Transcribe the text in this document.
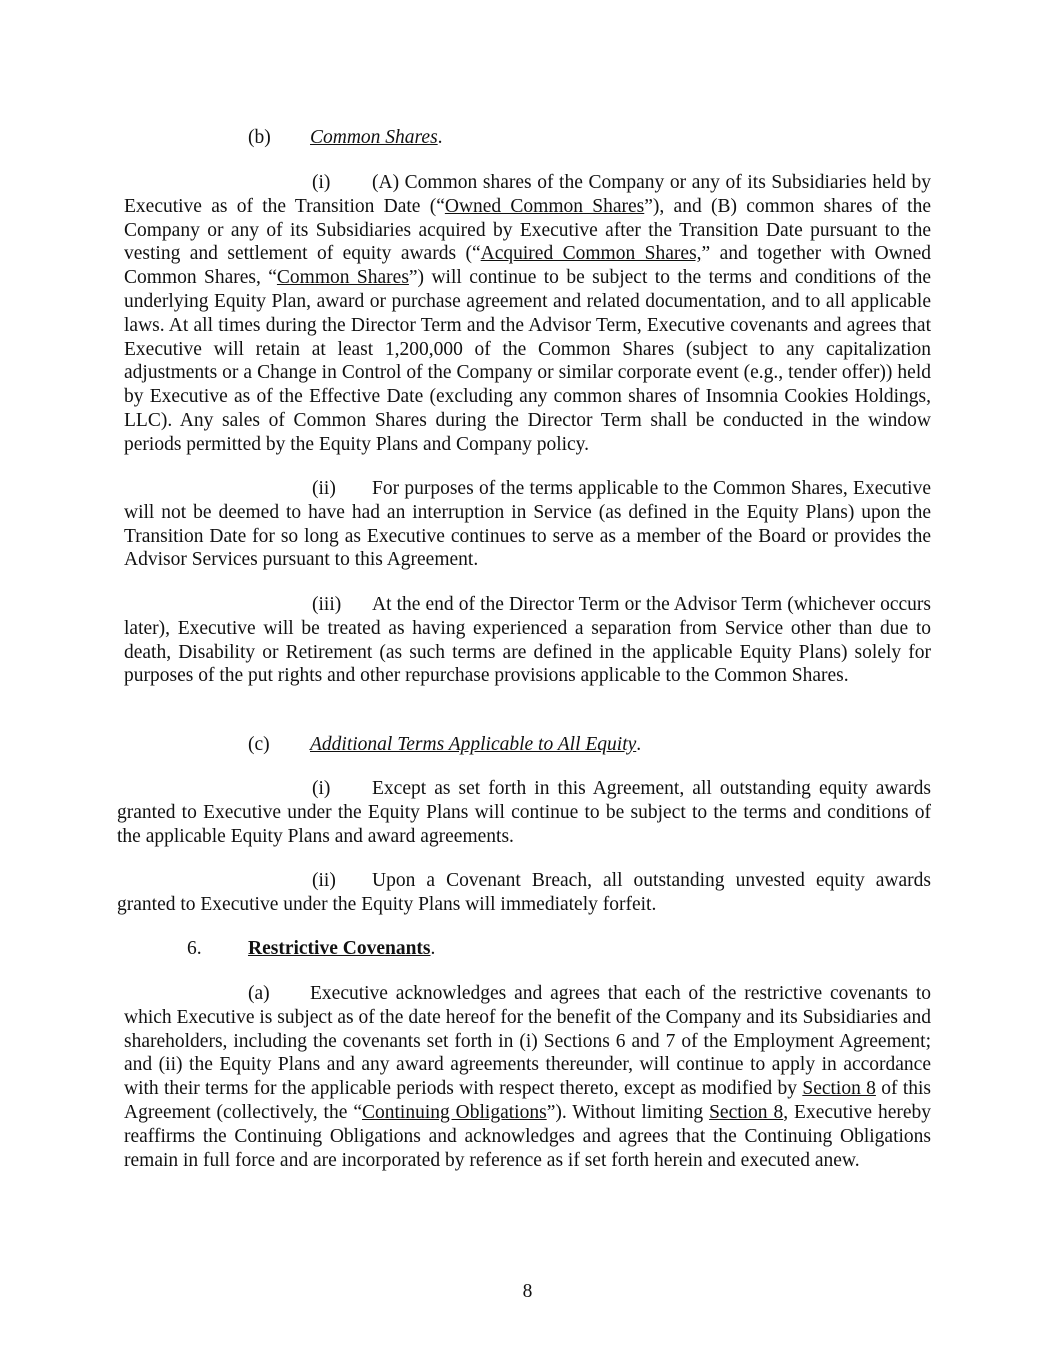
(b) Common Shares.
(i) (A) Common shares of the Company or any of its Subsidiaries held by Executive as of the Transition Date (“Owned Common Shares”), and (B) common shares of the Company or any of its Subsidiaries acquired by Executive after the Transition Date pursuant to the vesting and settlement of equity awards (“Acquired Common Shares,” and together with Owned Common Shares, “Common Shares”) will continue to be subject to the terms and conditions of the underlying Equity Plan, award or purchase agreement and related documentation, and to all applicable laws. At all times during the Director Term and the Advisor Term, Executive covenants and agrees that Executive will retain at least 1,200,000 of the Common Shares (subject to any capitalization adjustments or a Change in Control of the Company or similar corporate event (e.g., tender offer)) held by Executive as of the Effective Date (excluding any common shares of Insomnia Cookies Holdings, LLC). Any sales of Common Shares during the Director Term shall be conducted in the window periods permitted by the Equity Plans and Company policy.
(ii) For purposes of the terms applicable to the Common Shares, Executive will not be deemed to have had an interruption in Service (as defined in the Equity Plans) upon the Transition Date for so long as Executive continues to serve as a member of the Board or provides the Advisor Services pursuant to this Agreement.
(iii) At the end of the Director Term or the Advisor Term (whichever occurs later), Executive will be treated as having experienced a separation from Service other than due to death, Disability or Retirement (as such terms are defined in the applicable Equity Plans) solely for purposes of the put rights and other repurchase provisions applicable to the Common Shares.
(c) Additional Terms Applicable to All Equity.
(i) Except as set forth in this Agreement, all outstanding equity awards granted to Executive under the Equity Plans will continue to be subject to the terms and conditions of the applicable Equity Plans and award agreements.
(ii) Upon a Covenant Breach, all outstanding unvested equity awards granted to Executive under the Equity Plans will immediately forfeit.
6. Restrictive Covenants.
(a) Executive acknowledges and agrees that each of the restrictive covenants to which Executive is subject as of the date hereof for the benefit of the Company and its Subsidiaries and shareholders, including the covenants set forth in (i) Sections 6 and 7 of the Employment Agreement; and (ii) the Equity Plans and any award agreements thereunder, will continue to apply in accordance with their terms for the applicable periods with respect thereto, except as modified by Section 8 of this Agreement (collectively, the “Continuing Obligations”). Without limiting Section 8, Executive hereby reaffirms the Continuing Obligations and acknowledges and agrees that the Continuing Obligations remain in full force and are incorporated by reference as if set forth herein and executed anew.
8
